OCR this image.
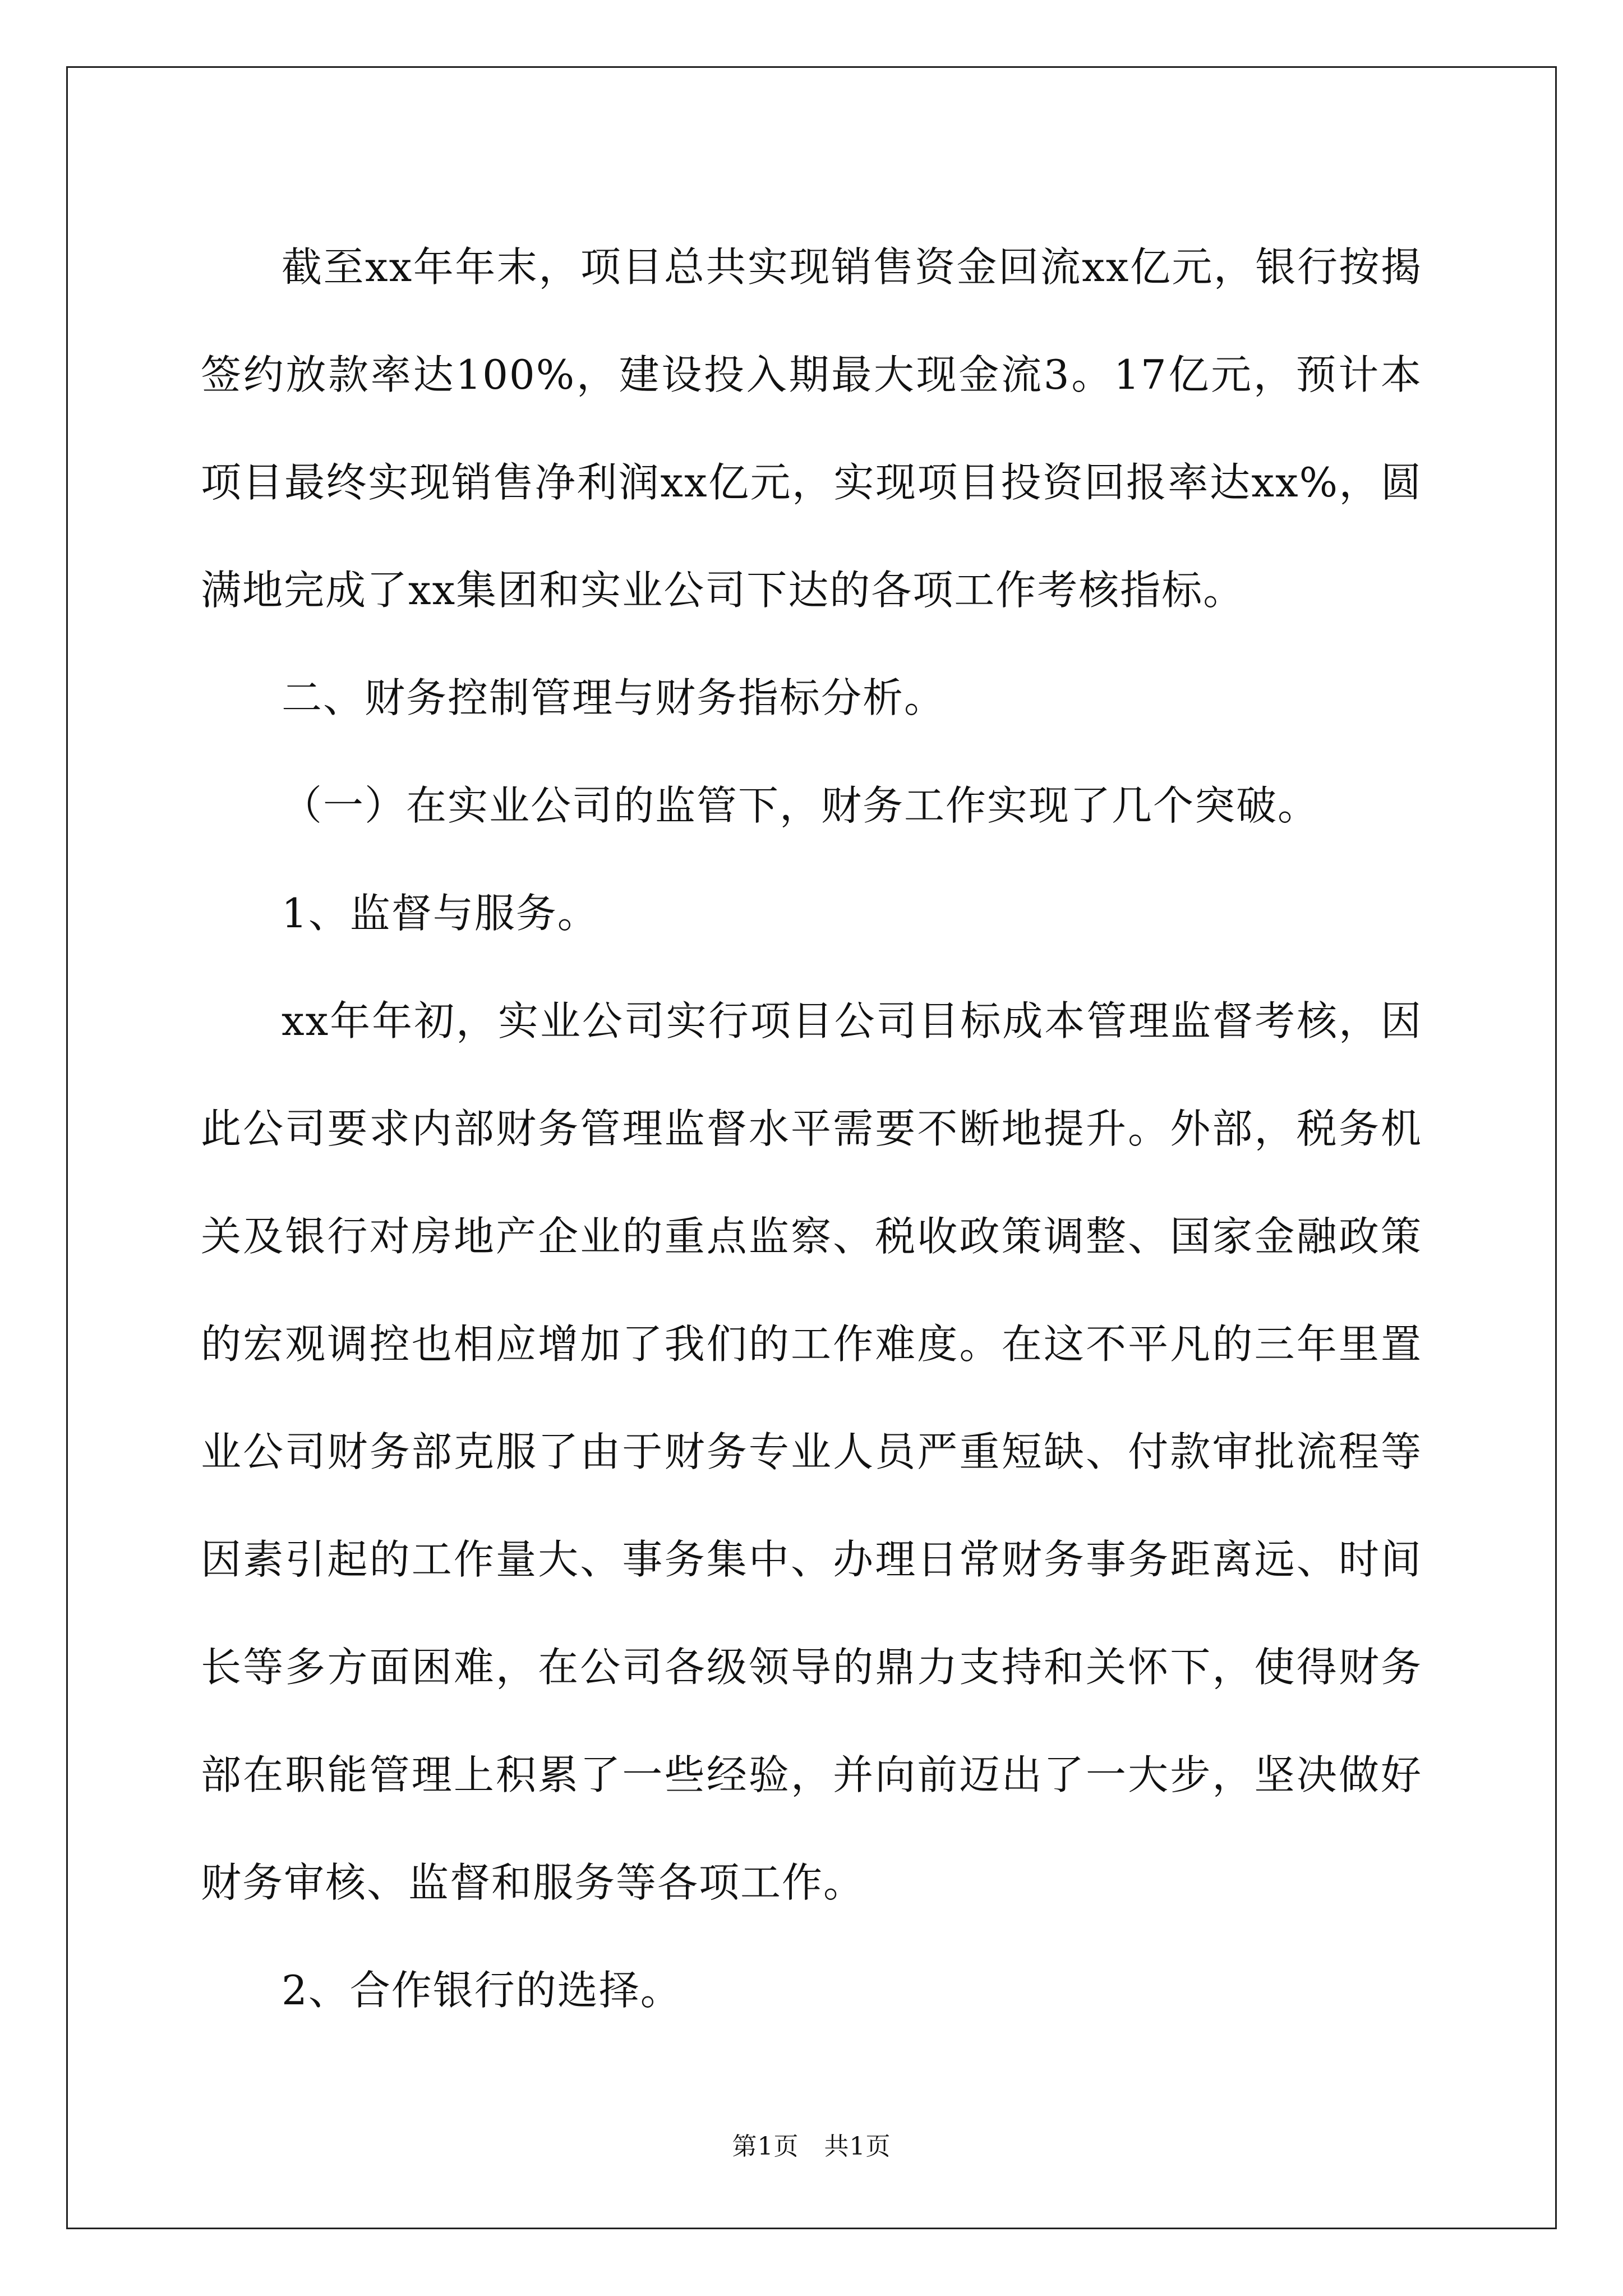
截至xx年年末，项目总共实现销售资金回流xx亿元，银行按揭签约放款率达100%，建设投入期最大现金流3。17亿元，预计本项目最终实现销售净利润xx亿元，实现项目投资回报率达xx%，圆满地完成了xx集团和实业公司下达的各项工作考核指标。

二、财务控制管理与财务指标分析。

（一）在实业公司的监管下，财务工作实现了几个突破。

1、监督与服务。

xx年年初，实业公司实行项目公司目标成本管理监督考核，因此公司要求内部财务管理监督水平需要不断地提升。外部，税务机关及银行对房地产企业的重点监察、税收政策调整、国家金融政策的宏观调控也相应增加了我们的工作难度。在这不平凡的三年里置业公司财务部克服了由于财务专业人员严重短缺、付款审批流程等因素引起的工作量大、事务集中、办理日常财务事务距离远、时间长等多方面困难，在公司各级领导的鼎力支持和关怀下，使得财务部在职能管理上积累了一些经验，并向前迈出了一大步，坚决做好财务审核、监督和服务等各项工作。

2、合作银行的选择。

第1页　共1页
